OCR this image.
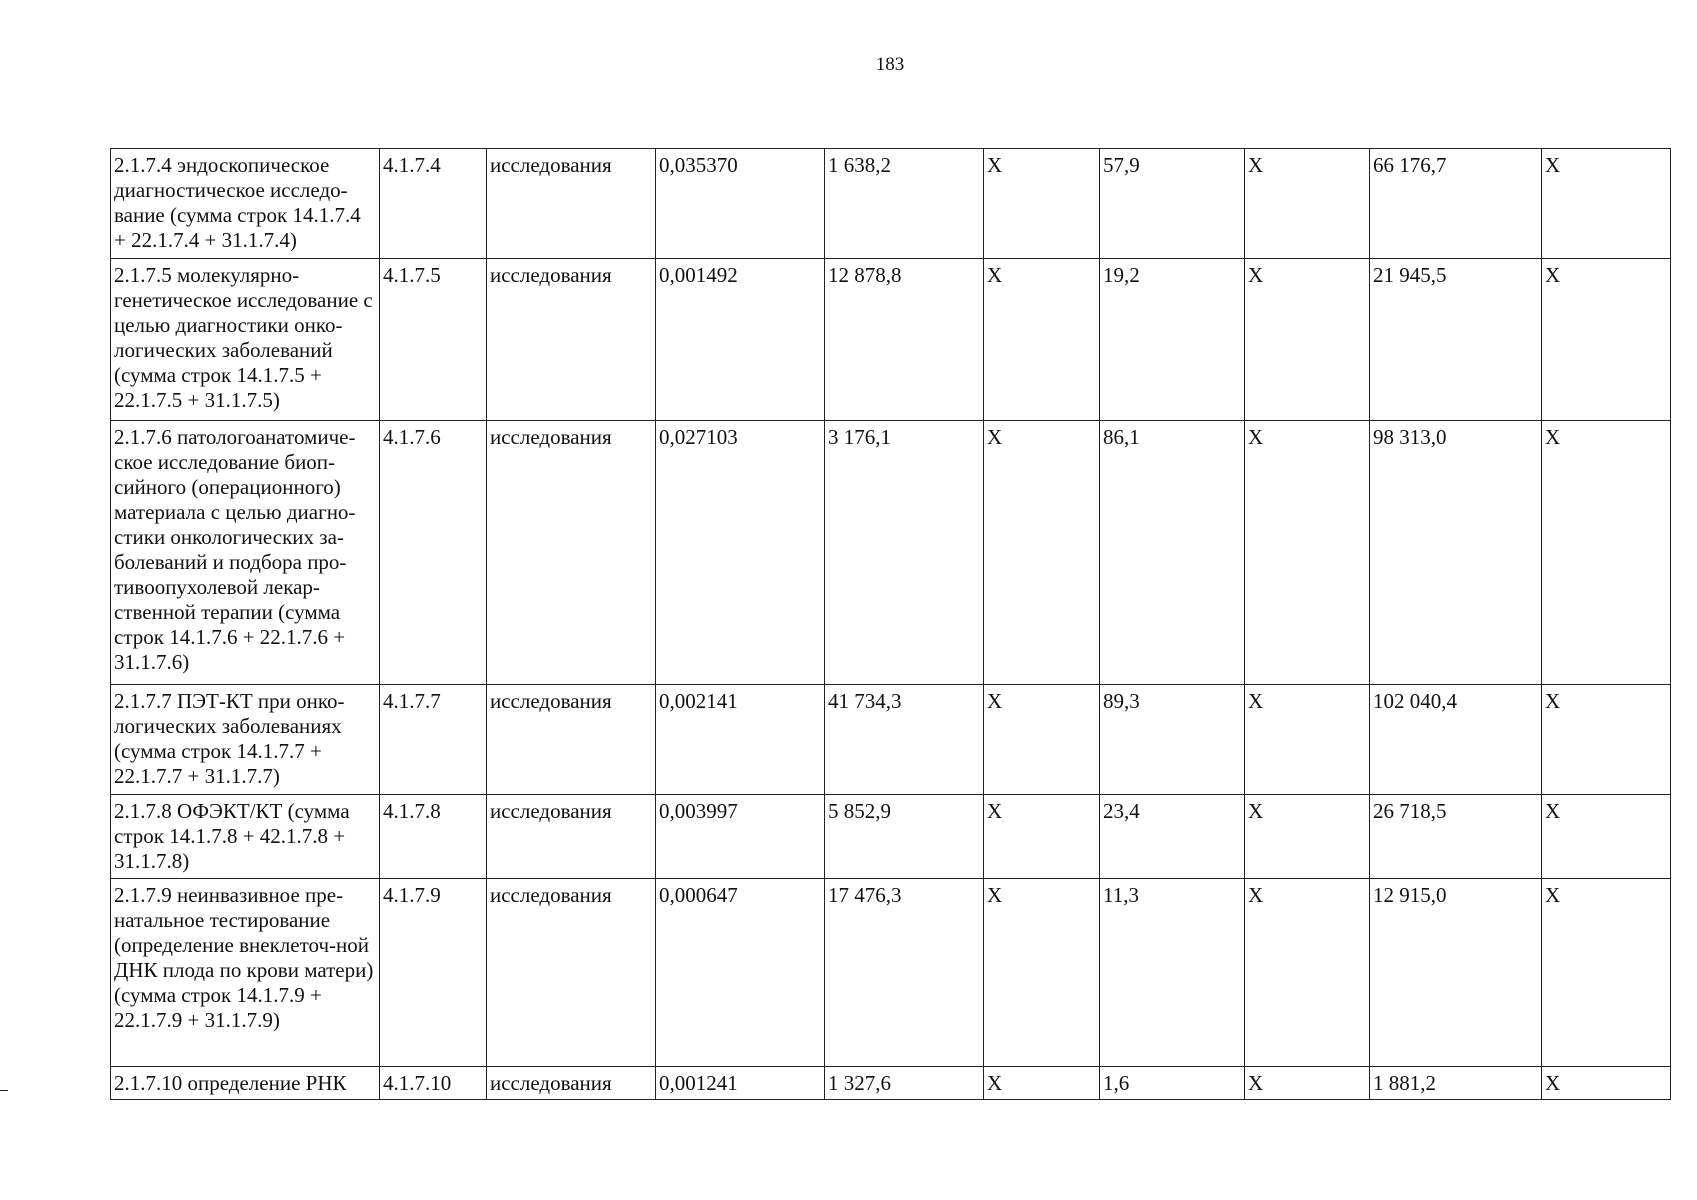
183
2.1.7.4 эндоскопическое диагностическое исследо-вание (сумма строк 14.1.7.4 + 22.1.7.4 + 31.1.7.4)	4.1.7.4	исследования	0,035370	1 638,2	X	57,9	X	66 176,7	X
2.1.7.5 молекулярно-генетическое исследование с целью диагностики онко-логических заболеваний (сумма строк 14.1.7.5 + 22.1.7.5 + 31.1.7.5)	4.1.7.5	исследования	0,001492	12 878,8	X	19,2	X	21 945,5	X
2.1.7.6 патологоанатомиче-ское исследование биоп-сийного (операционного) материала с целью диагно-стики онкологических за-болеваний и подбора про-тивоопухолевой лекар-ственной терапии (сумма строк 14.1.7.6 + 22.1.7.6 + 31.1.7.6)	4.1.7.6	исследования	0,027103	3 176,1	X	86,1	X	98 313,0	X
2.1.7.7 ПЭТ-КТ при онко-логических заболеваниях (сумма строк 14.1.7.7 + 22.1.7.7 + 31.1.7.7)	4.1.7.7	исследования	0,002141	41 734,3	X	89,3	X	102 040,4	X
2.1.7.8 ОФЭКТ/КТ (сумма строк 14.1.7.8 + 42.1.7.8 + 31.1.7.8)	4.1.7.8	исследования	0,003997	5 852,9	X	23,4	X	26 718,5	X
2.1.7.9 неинвазивное пре-натальное тестирование (определение внеклеточ-ной ДНК плода по крови матери)(сумма строк 14.1.7.9 + 22.1.7.9 + 31.1.7.9)	4.1.7.9	исследования	0,000647	17 476,3	X	11,3	X	12 915,0	X
2.1.7.10 определение РНК	4.1.7.10	исследования	0,001241	1 327,6	X	1,6	X	1 881,2	X
